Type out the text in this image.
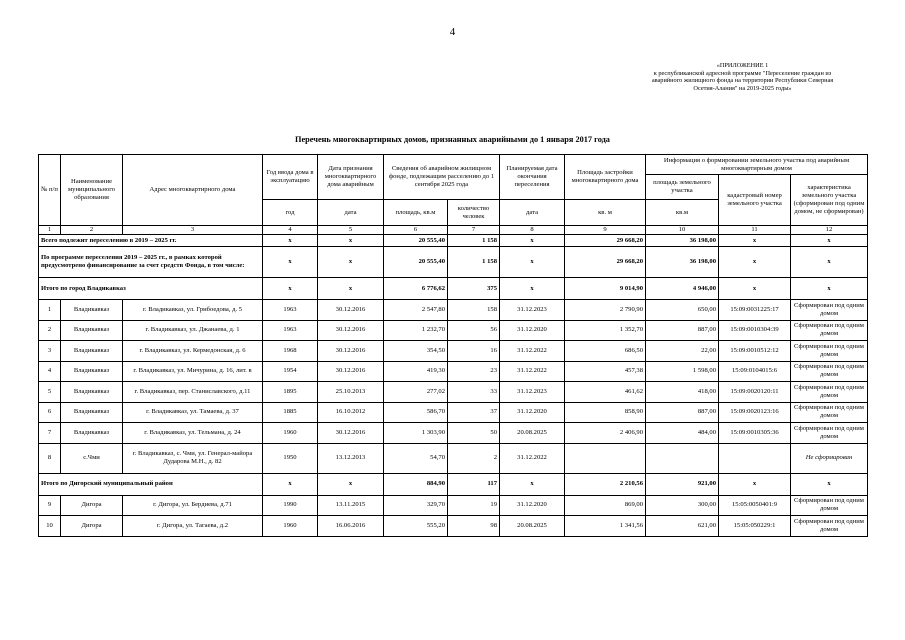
4
«ПРИЛОЖЕНИЕ 1
к республиканской адресной программе "Переселение граждан из
аварийного жилищного фонда на территории Республики Северная
Осетия-Алания" на 2019-2025 годы»
Перечень многоквартирных домов, признанных аварийными до 1 января 2017 года
№ п/п	Наименование муниципального образования	Адрес многоквартирного дома	Год ввода дома в эксплуатацию	Дата признания многоквартирного дома аварийным	Сведения об аварийном жилищном фонде, подлежащим расселению до 1 сентября 2025 года		Планируемая дата окончания переселения	Площадь застройки многоквартирного дома	Информация о формировании земельного участка под аварийным многоквартирным домом		
									площадь земельного участка	кадастровый номер земельного участка	характеристика земельного участка (сформирован под одним домом, не сформирован)
			год	дата	площадь, кв.м	количество человек	дата	кв. м	кв.м		
1	2	3	4	5	6	7	8	9	10	11	12
Всего подлежит переселению в 2019 – 2025 гг.			х	х	20 555,40	1 158	х	29 668,20	36 198,00	х	х
По программе переселения 2019 – 2025 гг., в рамках которой предусмотрено финансирование за счет средств Фонда, в том числе:			х	х	20 555,40	1 158	х	29 668,20	36 198,00	х	х
Итого по город Владикавказ			х	х	6 776,62	375	х	9 014,90	4 946,00	х	х
1	Владикавказ	г. Владикавказ, ул. Грибоедова, д. 5	1963	30.12.2016	2 547,80	158	31.12.2023	2 790,90	650,00	15:09:0031225:17	Сформирован под одним домом
2	Владикавказ	г. Владикавказ, ул. Джанаева, д. 1	1963	30.12.2016	1 232,70	56	31.12.2020	1 352,70	887,00	15:09:0010304:39	Сформирован под одним домом
3	Владикавказ	г. Владикавказ, ул. Кермедонская, д. 6	1968	30.12.2016	354,50	16	31.12.2022	686,50	22,00	15:09:0010512:12	Сформирован под одним домом
4	Владикавказ	г. Владикавказ, ул. Мичурина, д. 16, лит. в	1954	30.12.2016	419,30	23	31.12.2022	457,38	1 598,00	15:09:0104015:6	Сформирован под одним домом
5	Владикавказ	г. Владикавказ, пер. Станиславского, д.11	1895	25.10.2013	277,02	33	31.12.2023	461,62	418,00	15:09:0020120:11	Сформирован под одним домом
6	Владикавказ	г. Владикавказ, ул. Тамаева, д. 37	1885	16.10.2012	586,70	37	31.12.2020	858,90	887,00	15:09:0020123:16	Сформирован под одним домом
7	Владикавказ	г. Владикавказ, ул. Тельмана, д. 24	1960	30.12.2016	1 303,90	50	20.08.2025	2 406,90	484,00	15:09:0010305:36	Сформирован под одним домом
8	с.Чми	г. Владикавказ, с. Чми, ул. Генерал-майора Дударова М.Н., д. 82	1950	13.12.2013	54,70	2	31.12.2022				Не сформирован
Итого по Дигорский муниципальный район			х	х	884,90	117	х	2 210,56	921,00	х	х
9	Дигора	г. Дигора, ул. Бердиева, д.71	1990	13.11.2015	329,70	19	31.12.2020	869,00	300,00	15:05:0050401:9	Сформирован под одним домом
10	Дигора	г. Дигора, ул. Тагаева, д.2	1960	16.06.2016	555,20	98	20.08.2025	1 341,56	621,00	15:05:050229:1	Сформирован под одним домом
